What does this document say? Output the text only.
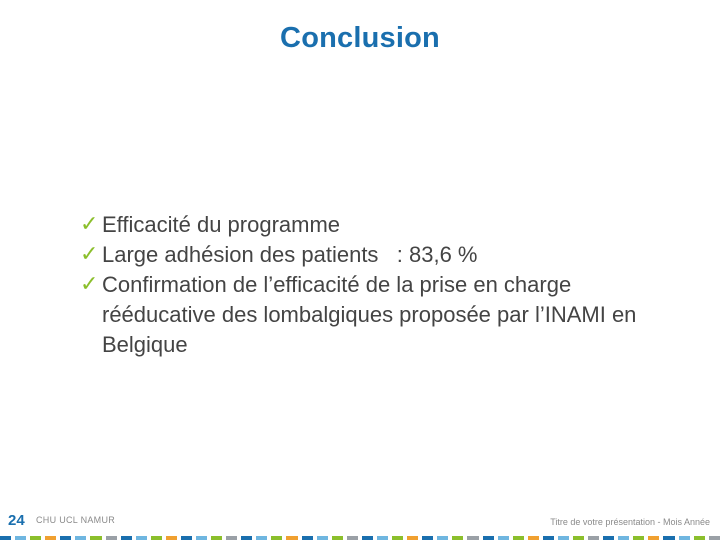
Conclusion
✓ Efficacité du programme
✓ Large adhésion des patients   : 83,6 %
✓ Confirmation de l’efficacité de la prise en charge rééducative des lombalgiques proposée par l’INAMI en Belgique
24 CHU UCL NAMUR	Titre de votre présentation - Mois Année
